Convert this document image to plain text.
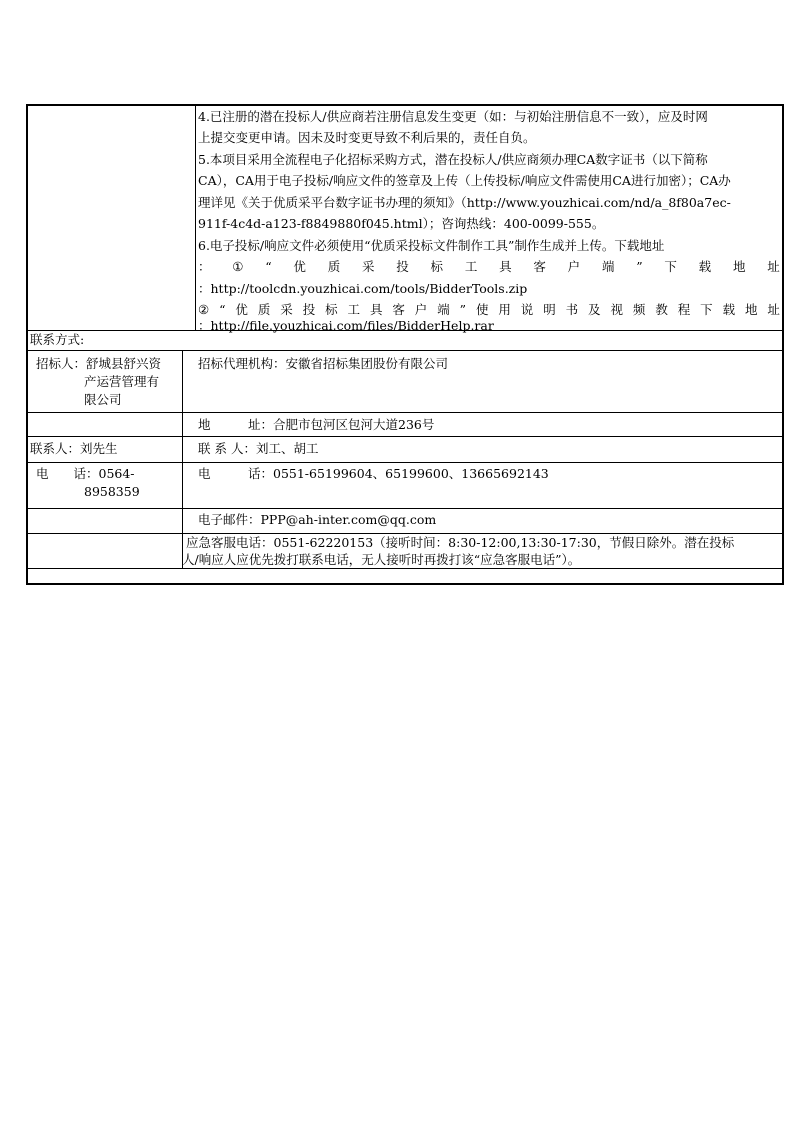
4.已注册的潜在投标人/供应商若注册信息发生变更（如：与初始注册信息不一致），应及时网
上提交变更申请。因未及时变更导致不利后果的，责任自负。
5.本项目采用全流程电子化招标采购方式，潜在投标人/供应商须办理CA数字证书（以下简称
CA），CA用于电子投标/响应文件的签章及上传（上传投标/响应文件需使用CA进行加密）；CA办
理详见《关于优质采平台数字证书办理的须知》（http://www.youzhicai.com/nd/a_8f80a7ec-
911f-4c4d-a123-f8849880f045.html）；咨询热线：400-0099-555。
6.电子投标/响应文件必须使用“优质采投标文件制作工具”制作生成并上传。下载地址
： ① “ 优 质 采 投 标 工 具 客 户 端 ” 下 载 地 址
：http://toolcdn.youzhicai.com/tools/BidderTools.zip
② “ 优 质 采 投 标 工 具 客 户 端 ” 使 用 说 明 书 及 视 频 教 程 下 载 地 址
：http://file.youzhicai.com/files/BidderHelp.rar
联系方式:
招标人：舒城县舒兴资
产运营管理有
限公司
联系人：刘先生
电　　话：0564-
8958359
招标代理机构：安徽省招标集团股份有限公司
地　　　址：合肥市包河区包河大道236号
联 系 人：刘工、胡工
电　　　话：0551-65199604、65199600、13665692143
电子邮件：PPP@ah-inter.com@qq.com
应急客服电话：0551-62220153（接听时间：8:30-12:00,13:30-17:30，节假日除外。潜在投标
人/响应人应优先拨打联系电话，无人接听时再拨打该“应急客服电话”）。
